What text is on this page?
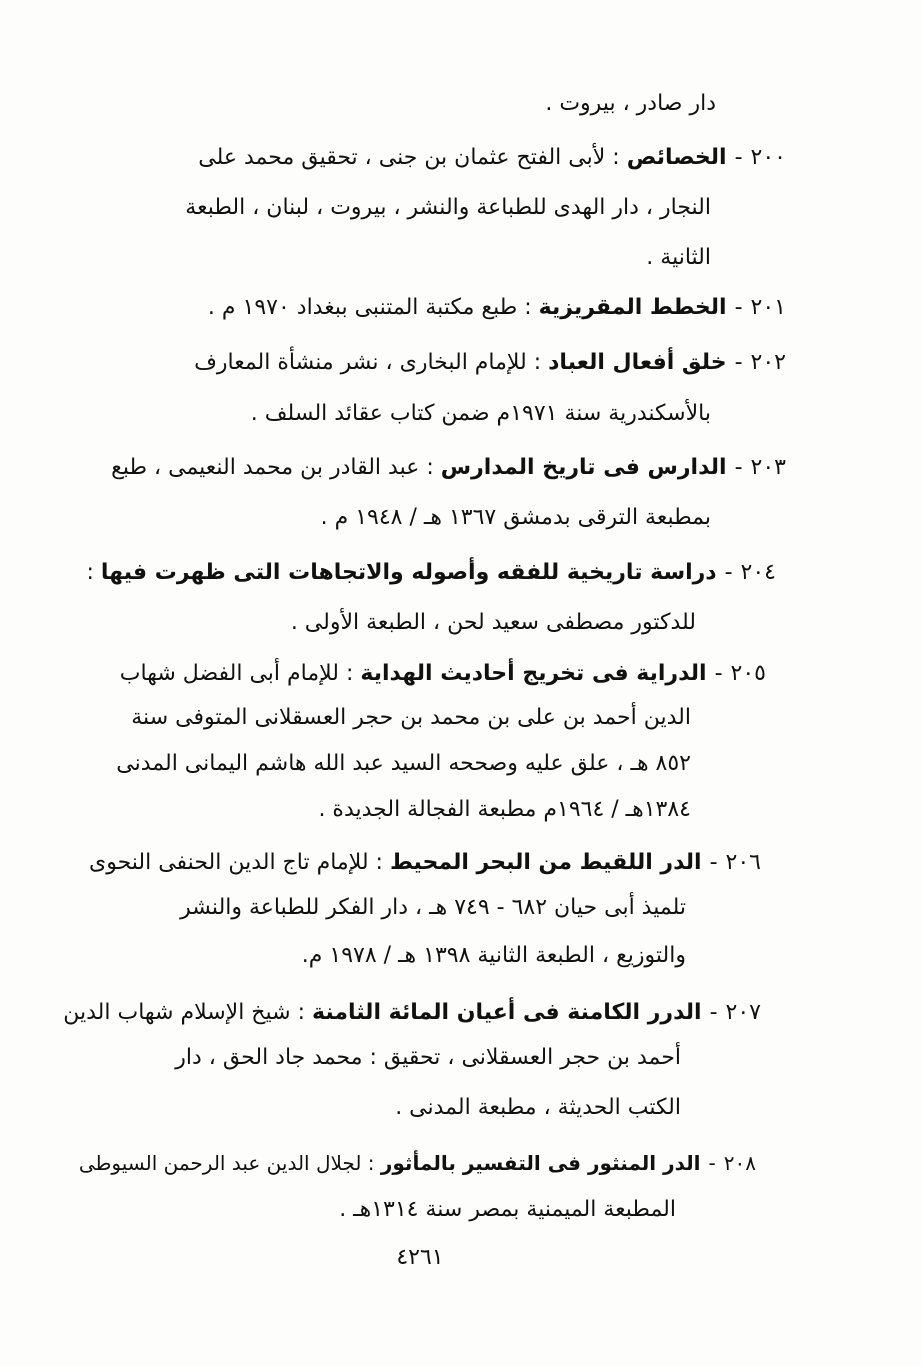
دار صادر ، بيروت .
٢٠٠-الخصائص : لأبى الفتح عثمان بن جنى ، تحقيق محمد على
النجار ، دار الهدى للطباعة والنشر ، بيروت ، لبنان ، الطبعة
الثانية .
٢٠١-الخطط المقريزية : طبع مكتبة المتنبى ببغداد ١٩٧٠ م .
٢٠٢-خلق أفعال العباد : للإمام البخارى ، نشر منشأة المعارف
بالأسكندرية سنة ١٩٧١م ضمن كتاب عقائد السلف .
٢٠٣-الدارس فى تاريخ المدارس : عبد القادر بن محمد النعيمى ، طبع
بمطبعة الترقى بدمشق ١٣٦٧ هـ / ١٩٤٨ م .
٢٠٤-دراسة تاريخية للفقه وأصوله والاتجاهات التى ظهرت فيها :
للدكتور مصطفى سعيد لحن ، الطبعة الأولى .
٢٠٥-الدراية فى تخريج أحاديث الهداية : للإمام أبى الفضل شهاب
الدين أحمد بن على بن محمد بن حجر العسقلانى المتوفى سنة
٨٥٢ هـ ، علق عليه وصححه السيد عبد الله هاشم اليمانى المدنى
١٣٨٤هـ / ١٩٦٤م مطبعة الفجالة الجديدة .
٢٠٦-الدر اللقيط من البحر المحيط : للإمام تاج الدين الحنفى النحوى
تلميذ أبى حيان ٦٨٢ - ٧٤٩ هـ ، دار الفكر للطباعة والنشر
والتوزيع ، الطبعة الثانية ١٣٩٨ هـ / ١٩٧٨ م.
٢٠٧-الدرر الكامنة فى أعيان المائة الثامنة : شيخ الإسلام شهاب الدين
أحمد بن حجر العسقلانى ، تحقيق : محمد جاد الحق ، دار
الكتب الحديثة ، مطبعة المدنى .
٢٠٨-الدر المنثور فى التفسير بالمأثور : لجلال الدين عبد الرحمن السيوطى
المطبعة الميمنية بمصر سنة ١٣١٤هـ .
٤٢٦١
